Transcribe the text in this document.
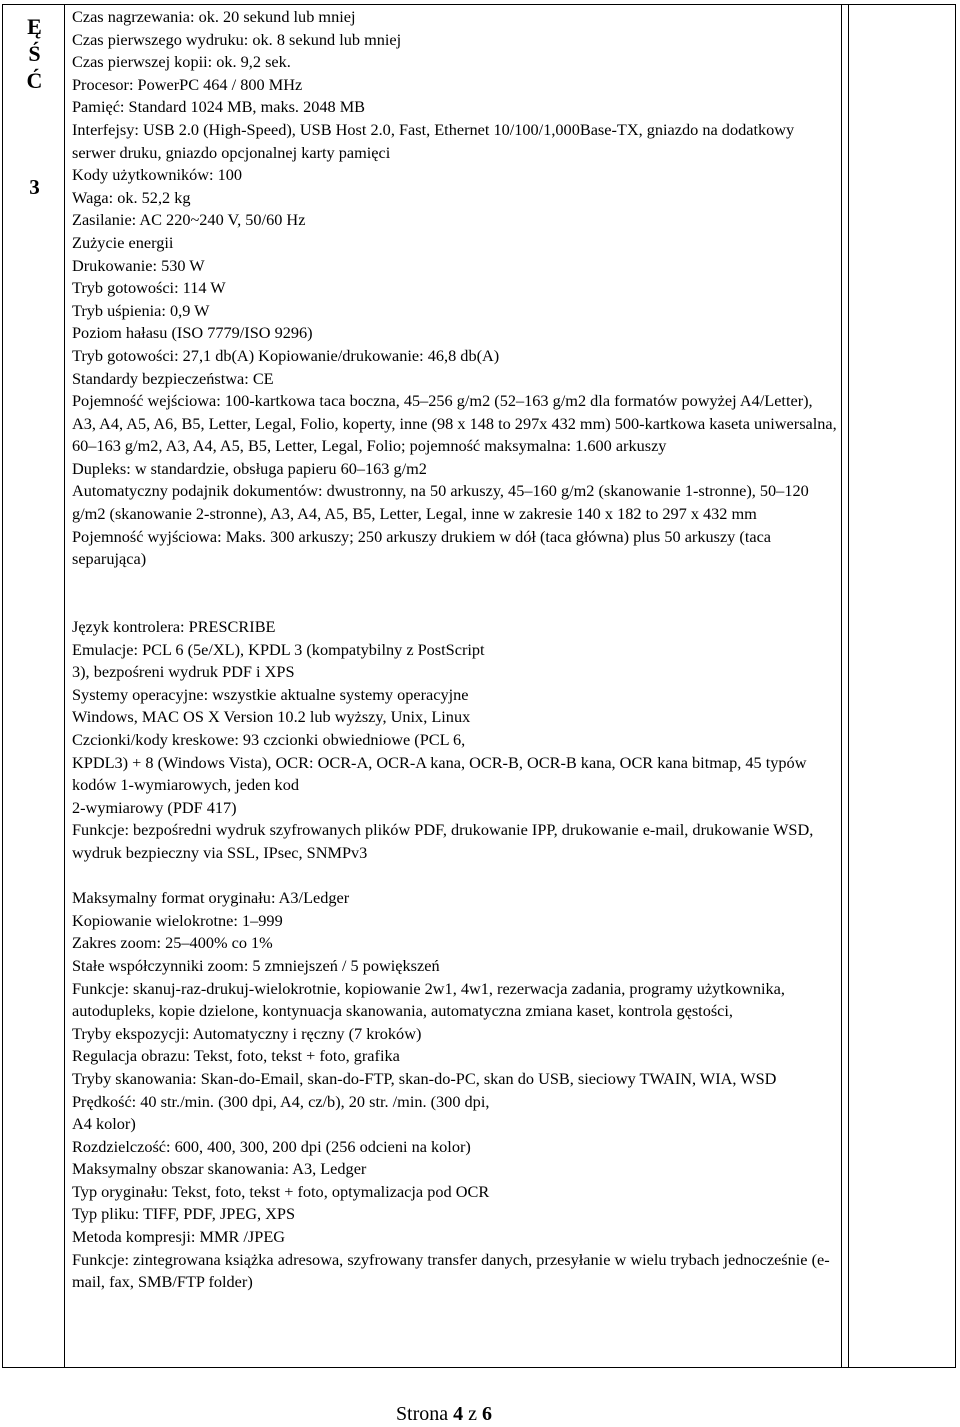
Ę
Ś
Ć
3

Czas nagrzewania: ok. 20 sekund lub mniej

Czas pierwszego wydruku: ok. 8 sekund lub mniej

Czas pierwszej kopii: ok. 9,2 sek.

Procesor: PowerPC 464 / 800 MHz

Pamięć: Standard 1024 MB, maks. 2048 MB

Interfejsy: USB 2.0 (High-Speed), USB Host 2.0, Fast, Ethernet 10/100/1,000Base-TX, gniazdo na dodatkowy serwer druku, gniazdo opcjonalnej karty pamięci

Kody użytkowników: 100

Waga: ok. 52,2 kg

Zasilanie: AC 220~240 V, 50/60 Hz

Zużycie energii

Drukowanie: 530 W

Tryb gotowości: 114 W

Tryb uśpienia: 0,9 W

Poziom hałasu (ISO 7779/ISO 9296)

Tryb gotowości: 27,1 db(A) Kopiowanie/drukowanie: 46,8 db(A)

Standardy bezpieczeństwa: CE

Pojemność wejściowa: 100-kartkowa taca boczna, 45‒256 g/m2 (52‒163 g/m2 dla formatów powyżej A4/Letter), A3, A4, A5, A6, B5, Letter, Legal, Folio, koperty, inne (98 x 148 to 297x 432 mm) 500-kartkowa kaseta uniwersalna, 60‒163 g/m2, A3, A4, A5, B5, Letter, Legal, Folio; pojemność maksymalna: 1.600 arkuszy

Dupleks: w standardzie, obsługa papieru 60‒163 g/m2

Automatyczny podajnik dokumentów: dwustronny, na 50 arkuszy, 45‒160 g/m2 (skanowanie 1-stronne), 50‒120 g/m2 (skanowanie 2-stronne), A3, A4, A5, B5, Letter, Legal, inne w zakresie 140 x 182 to 297 x 432 mm

Pojemność wyjściowa: Maks. 300 arkuszy; 250 arkuszy drukiem w dół (taca główna) plus 50 arkuszy (taca separująca)

Język kontrolera: PRESCRIBE

Emulacje: PCL 6 (5e/XL), KPDL 3 (kompatybilny z PostScript

3), bezpośreni wydruk PDF i XPS

Systemy operacyjne: wszystkie aktualne systemy operacyjne

Windows, MAC OS X Version 10.2 lub wyższy, Unix, Linux

Czcionki/kody kreskowe: 93 czcionki obwiedniowe (PCL 6,

KPDL3) + 8 (Windows Vista), OCR: OCR-A, OCR-A kana, OCR-B, OCR-B kana, OCR kana bitmap, 45 typów kodów 1-wymiarowych, jeden kod

2-wymiarowy (PDF 417)

Funkcje: bezpośredni wydruk szyfrowanych plików PDF, drukowanie IPP, drukowanie e-mail, drukowanie WSD, wydruk bezpieczny via SSL, IPsec, SNMPv3

Maksymalny format oryginału: A3/Ledger

Kopiowanie wielokrotne: 1‒999

Zakres zoom: 25‒400% co 1%

Stałe współczynniki zoom: 5 zmniejszeń / 5 powiększeń

Funkcje: skanuj-raz-drukuj-wielokrotnie, kopiowanie 2w1, 4w1, rezerwacja zadania, programy użytkownika, autodupleks, kopie dzielone, kontynuacja skanowania, automatyczna zmiana kaset, kontrola gęstości,

Tryby ekspozycji: Automatyczny i ręczny (7 kroków)

Regulacja obrazu: Tekst, foto, tekst + foto, grafika

Tryby skanowania: Skan-do-Email, skan-do-FTP, skan-do-PC, skan do USB, sieciowy TWAIN, WIA, WSD

Prędkość: 40 str./min. (300 dpi, A4, cz/b), 20 str. /min. (300 dpi,

A4 kolor)

Rozdzielczość: 600, 400, 300, 200 dpi (256 odcieni na kolor)

Maksymalny obszar skanowania: A3, Ledger

Typ oryginału: Tekst, foto, tekst + foto, optymalizacja pod OCR

Typ pliku: TIFF, PDF, JPEG, XPS

Metoda kompresji: MMR /JPEG

Funkcje: zintegrowana książka adresowa, szyfrowany transfer danych, przesyłanie w wielu trybach jednocześnie (e-mail, fax, SMB/FTP folder)

Strona 4 z 6
